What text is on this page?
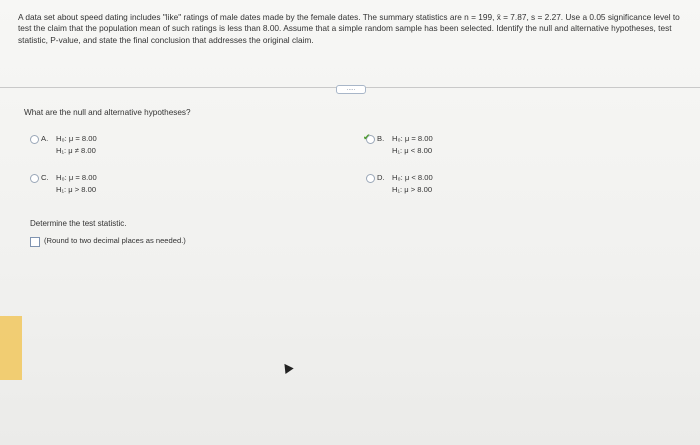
A data set about speed dating includes "like" ratings of male dates made by the female dates. The summary statistics are n = 199, x̄ = 7.87, s = 2.27. Use a 0.05 significance level to test the claim that the population mean of such ratings is less than 8.00. Assume that a simple random sample has been selected. Identify the null and alternative hypotheses, test statistic, P-value, and state the final conclusion that addresses the original claim.
.....
What are the null and alternative hypotheses?
A. H₀: μ = 8.00
H₁: μ ≠ 8.00
✔ B. H₀: μ = 8.00
H₁: μ < 8.00
C. H₀: μ = 8.00
H₁: μ > 8.00
D. H₀: μ < 8.00
H₁: μ > 8.00
Determine the test statistic.
(Round to two decimal places as needed.)
